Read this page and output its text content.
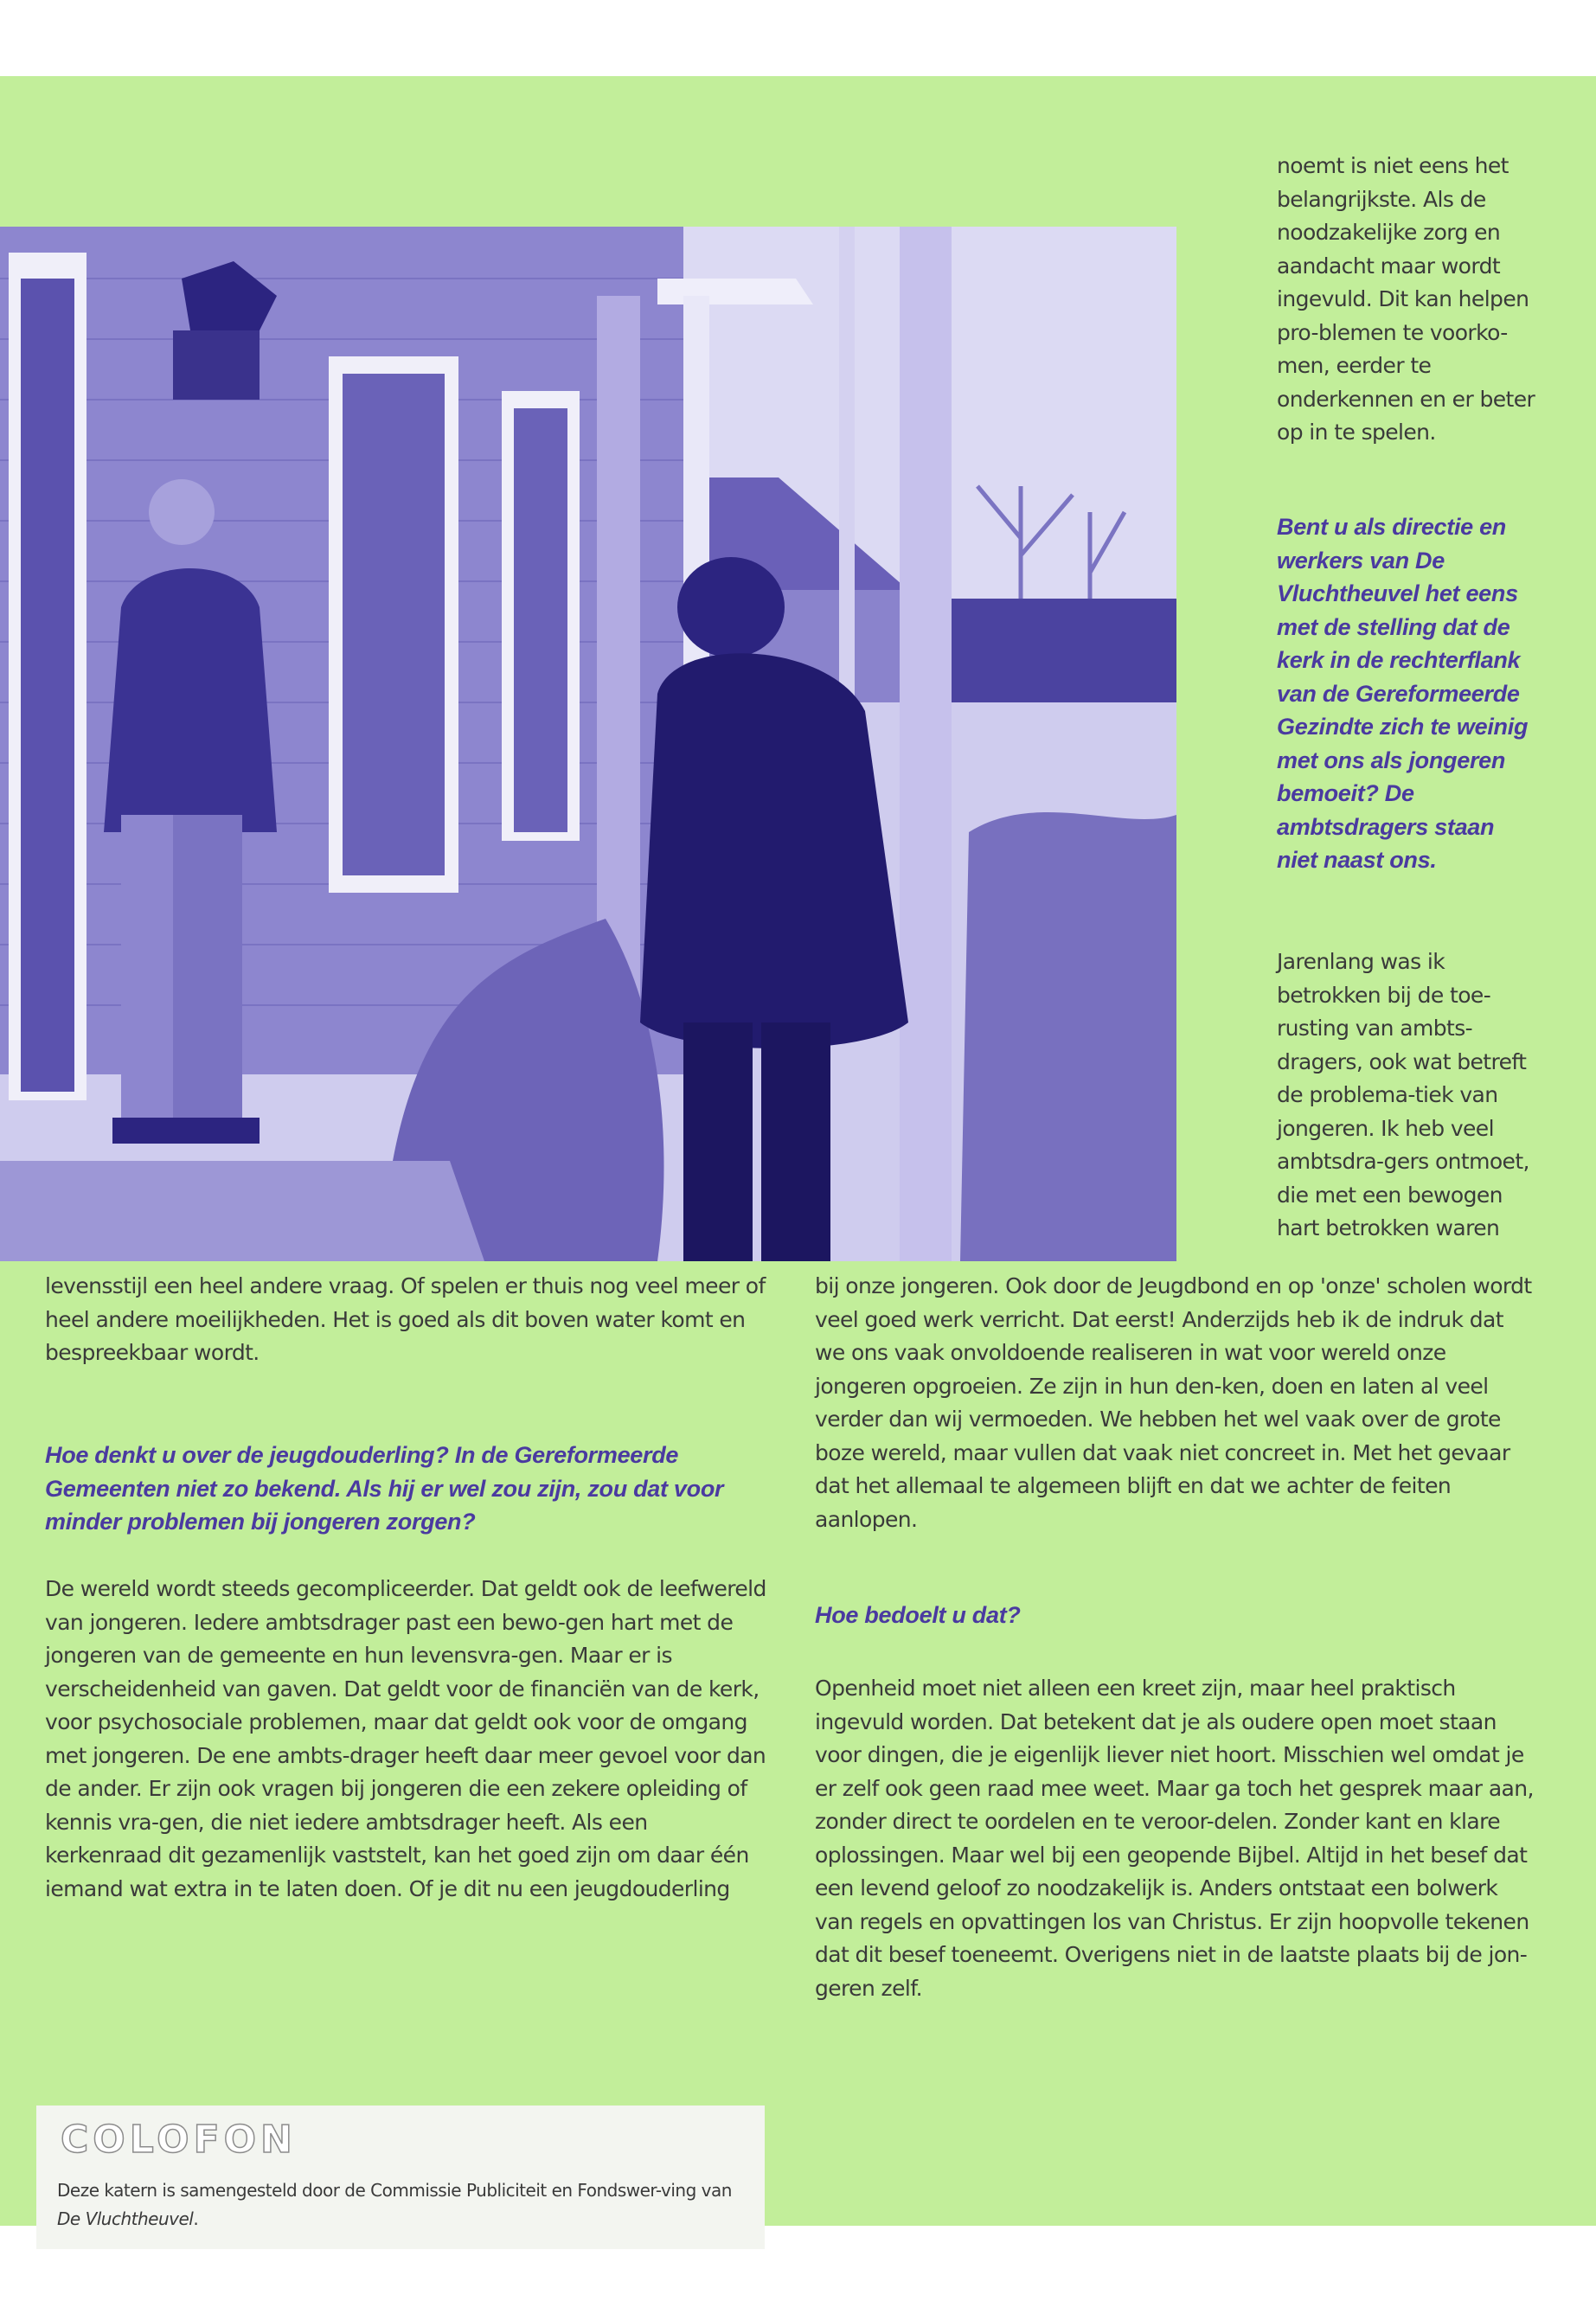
noemt is niet eens het belangrijkste. Als de noodzakelijke zorg en aandacht maar wordt ingevuld. Dit kan helpen pro-blemen te voorko-men, eerder te onderkennen en er beter op in te spelen.

Bent u als directie en werkers van De Vluchtheuvel het eens met de stelling dat de kerk in de rechterflank van de Gereformeerde Gezindte zich te weinig met ons als jongeren bemoeit? De ambtsdragers staan niet naast ons.

Jarenlang was ik betrokken bij de toe-rusting van ambts-dragers, ook wat betreft de problema-tiek van jongeren. Ik heb veel ambtsdra-gers ontmoet, die met een bewogen hart betrokken waren

levensstijl een heel andere vraag. Of spelen er thuis nog veel meer of heel andere moeilijkheden. Het is goed als dit boven water komt en bespreekbaar wordt.

Hoe denkt u over de jeugdouderling? In de Gereformeerde Gemeenten niet zo bekend. Als hij er wel zou zijn, zou dat voor minder problemen bij jongeren zorgen?

De wereld wordt steeds gecompliceerder. Dat geldt ook de leefwereld van jongeren. Iedere ambtsdrager past een bewo-gen hart met de jongeren van de gemeente en hun levensvra-gen. Maar er is verscheidenheid van gaven. Dat geldt voor de financiën van de kerk, voor psychosociale problemen, maar dat geldt ook voor de omgang met jongeren. De ene ambts-drager heeft daar meer gevoel voor dan de ander. Er zijn ook vragen bij jongeren die een zekere opleiding of kennis vra-gen, die niet iedere ambtsdrager heeft. Als een kerkenraad dit gezamenlijk vaststelt, kan het goed zijn om daar één iemand wat extra in te laten doen. Of je dit nu een jeugdouderling

bij onze jongeren. Ook door de Jeugdbond en op 'onze' scholen wordt veel goed werk verricht. Dat eerst! Anderzijds heb ik de indruk dat we ons vaak onvoldoende realiseren in wat voor wereld onze jongeren opgroeien. Ze zijn in hun den-ken, doen en laten al veel verder dan wij vermoeden. We hebben het wel vaak over de grote boze wereld, maar vullen dat vaak niet concreet in. Met het gevaar dat het allemaal te algemeen blijft en dat we achter de feiten aanlopen.

Hoe bedoelt u dat?

Openheid moet niet alleen een kreet zijn, maar heel praktisch ingevuld worden. Dat betekent dat je als oudere open moet staan voor dingen, die je eigenlijk liever niet hoort. Misschien wel omdat je er zelf ook geen raad mee weet. Maar ga toch het gesprek maar aan, zonder direct te oordelen en te veroor-delen. Zonder kant en klare oplossingen. Maar wel bij een geopende Bijbel. Altijd in het besef dat een levend geloof zo noodzakelijk is. Anders ontstaat een bolwerk van regels en opvattingen los van Christus. Er zijn hoopvolle tekenen dat dit besef toeneemt. Overigens niet in de laatste plaats bij de jon-geren zelf.

COLOFON

Deze katern is samengesteld door de Commissie Publiciteit en Fondswer-ving van De Vluchtheuvel.
